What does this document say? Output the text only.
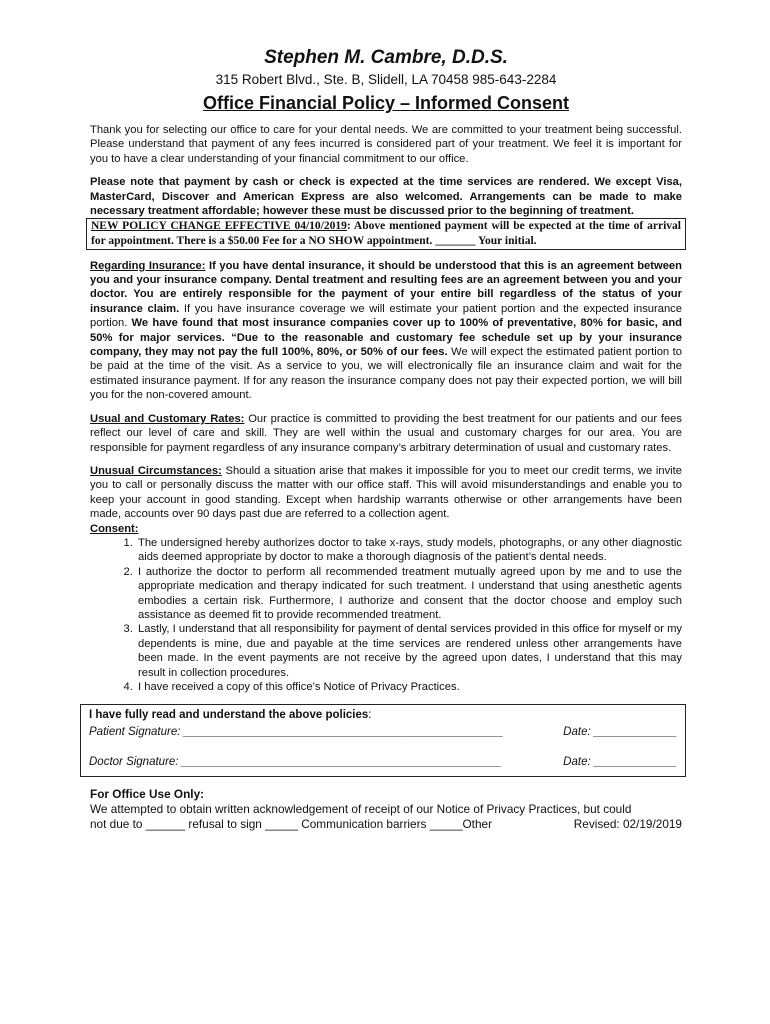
Stephen M. Cambre, D.D.S.
315 Robert Blvd., Ste. B, Slidell, LA 70458 985-643-2284
Office Financial Policy – Informed Consent

Thank you for selecting our office to care for your dental needs. We are committed to your treatment being successful. Please understand that payment of any fees incurred is considered part of your treatment. We feel it is important for you to have a clear understanding of your financial commitment to our office.

Please note that payment by cash or check is expected at the time services are rendered. We except Visa, MasterCard, Discover and American Express are also welcomed. Arrangements can be made to make necessary treatment affordable; however these must be discussed prior to the beginning of treatment.

NEW POLICY CHANGE EFFECTIVE 04/10/2019: Above mentioned payment will be expected at the time of arrival for appointment. There is a $50.00 Fee for a NO SHOW appointment. _______ Your initial.

Regarding Insurance: If you have dental insurance, it should be understood that this is an agreement between you and your insurance company. Dental treatment and resulting fees are an agreement between you and your doctor. You are entirely responsible for the payment of your entire bill regardless of the status of your insurance claim. If you have insurance coverage we will estimate your patient portion and the expected insurance portion. We have found that most insurance companies cover up to 100% of preventative, 80% for basic, and 50% for major services. “Due to the reasonable and customary fee schedule set up by your insurance company, they may not pay the full 100%, 80%, or 50% of our fees. We will expect the estimated patient portion to be paid at the time of the visit. As a service to you, we will electronically file an insurance claim and wait for the estimated insurance payment. If for any reason the insurance company does not pay their expected portion, we will bill you for the non-covered amount.

Usual and Customary Rates: Our practice is committed to providing the best treatment for our patients and our fees reflect our level of care and skill. They are well within the usual and customary charges for our area. You are responsible for payment regardless of any insurance company’s arbitrary determination of usual and customary rates.

Unusual Circumstances: Should a situation arise that makes it impossible for you to meet our credit terms, we invite you to call or personally discuss the matter with our office staff. This will avoid misunderstandings and enable you to keep your account in good standing. Except when hardship warrants otherwise or other arrangements have been made, accounts over 90 days past due are referred to a collection agent.

Consent:
1. The undersigned hereby authorizes doctor to take x-rays, study models, photographs, or any other diagnostic aids deemed appropriate by doctor to make a thorough diagnosis of the patient’s dental needs.
2. I authorize the doctor to perform all recommended treatment mutually agreed upon by me and to use the appropriate medication and therapy indicated for such treatment. I understand that using anesthetic agents embodies a certain risk. Furthermore, I authorize and consent that the doctor choose and employ such assistance as deemed fit to provide recommended treatment.
3. Lastly, I understand that all responsibility for payment of dental services provided in this office for myself or my dependents is mine, due and payable at the time services are rendered unless other arrangements have been made. In the event payments are not receive by the agreed upon dates, I understand that this may result in collection procedures.
4. I have received a copy of this office’s Notice of Privacy Practices.
I have fully read and understand the above policies:
Patient Signature: __________________________________________________	Date: _____________
Doctor Signature: __________________________________________________	Date: _____________
For Office Use Only:
We attempted to obtain written acknowledgement of receipt of our Notice of Privacy Practices, but could
not due to ______ refusal to sign _____ Communication barriers _____Other	Revised: 02/19/2019
